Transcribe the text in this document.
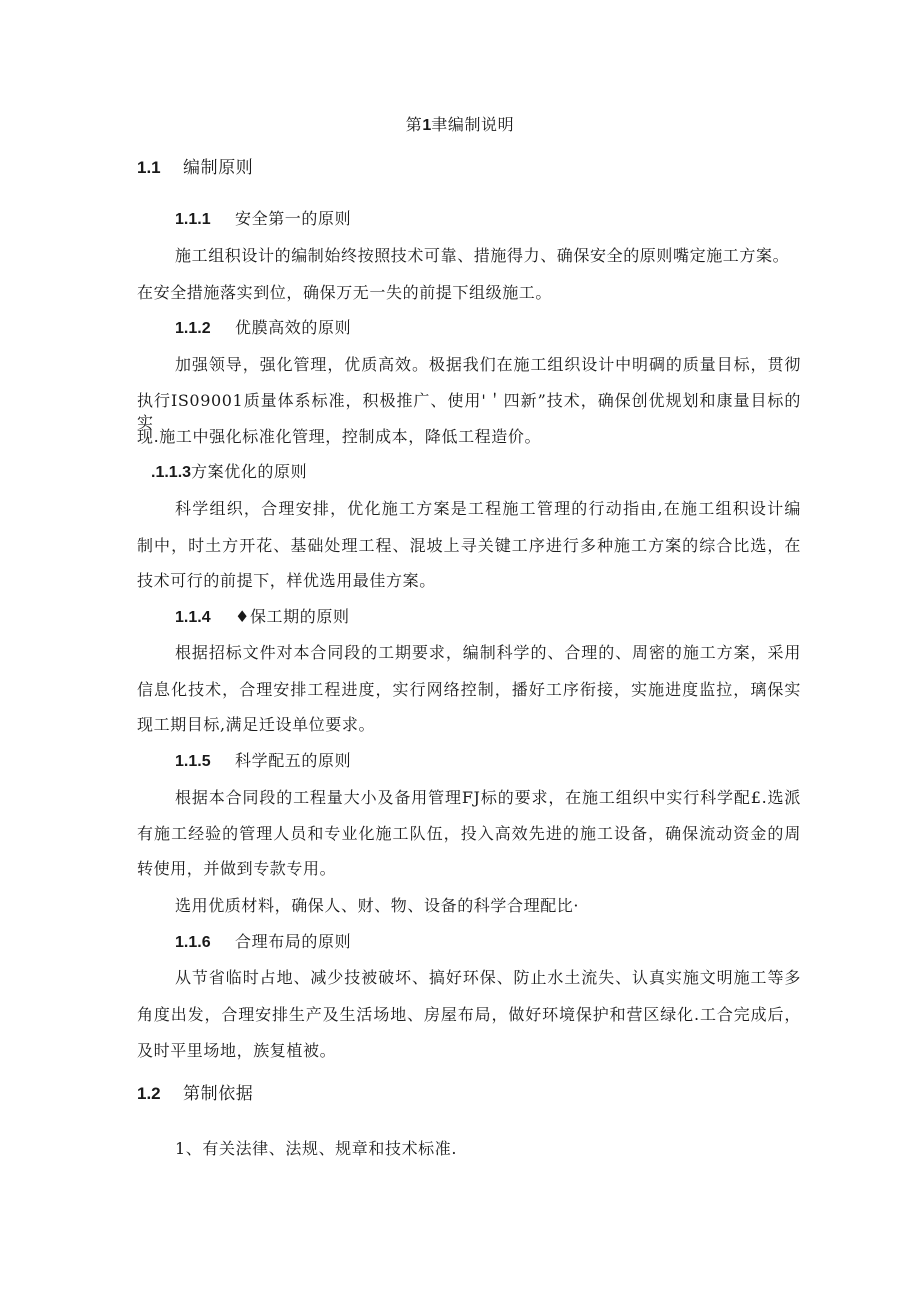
第1聿编制说明

1.1 编制原则

1.1.1 安全第一的原则

施工组积设计的编制始终按照技术可靠、措施得力、确保安全的原则嘴定施工方案。

在安全措施落实到位，确保万无一失的前提下组级施工。

1.1.2 优膜高效的原则

加强领导，强化管理，优质高效。极据我们在施工组织设计中明碉的质量目标，贯彻

执行IS09001质量体系标准，积极推广、使用'＇四新”技术，确保创优规划和康量目标的实

现.施工中强化标准化管理，控制成本，降低工程造价。

.1.1.3方案优化的原则

科学组织，合理安排，优化施工方案是工程施工管理的行动指由,在施工组积设计编

制中，时土方开花、基础处理工程、混坡上寻关键工序进行多种施工方案的综合比选，在

技术可行的前提下，样优选用最佳方案。

1.1.4 ♦保工期的原则

根据招标文件对本合同段的工期要求，编制科学的、合理的、周密的施工方案，采用

信息化技术，合理安排工程进度，实行网络控制，播好工序衔接，实施进度监拉，璃保实

现工期目标,满足迁设单位要求。

1.1.5 科学配五的原则

根据本合同段的工程量大小及备用管理FJ标的要求，在施工组织中实行科学配£.选派

有施工经验的管理人员和专业化施工队伍，投入高效先进的施工设备，确保流动资金的周

转使用，并做到专款专用。

选用优质材料，确保人、财、物、设备的科学合理配比·

1.1.6 合理布局的原则

从节省临时占地、减少技被破坏、搞好环保、防止水土流失、认真实施文明施工等多

角度出发，合理安排生产及生活场地、房屋布局，做好环境保护和营区绿化.工合完成后，

及时平里场地，族复植被。

1.2 第制依据

1、有关法律、法规、规章和技术标准.
